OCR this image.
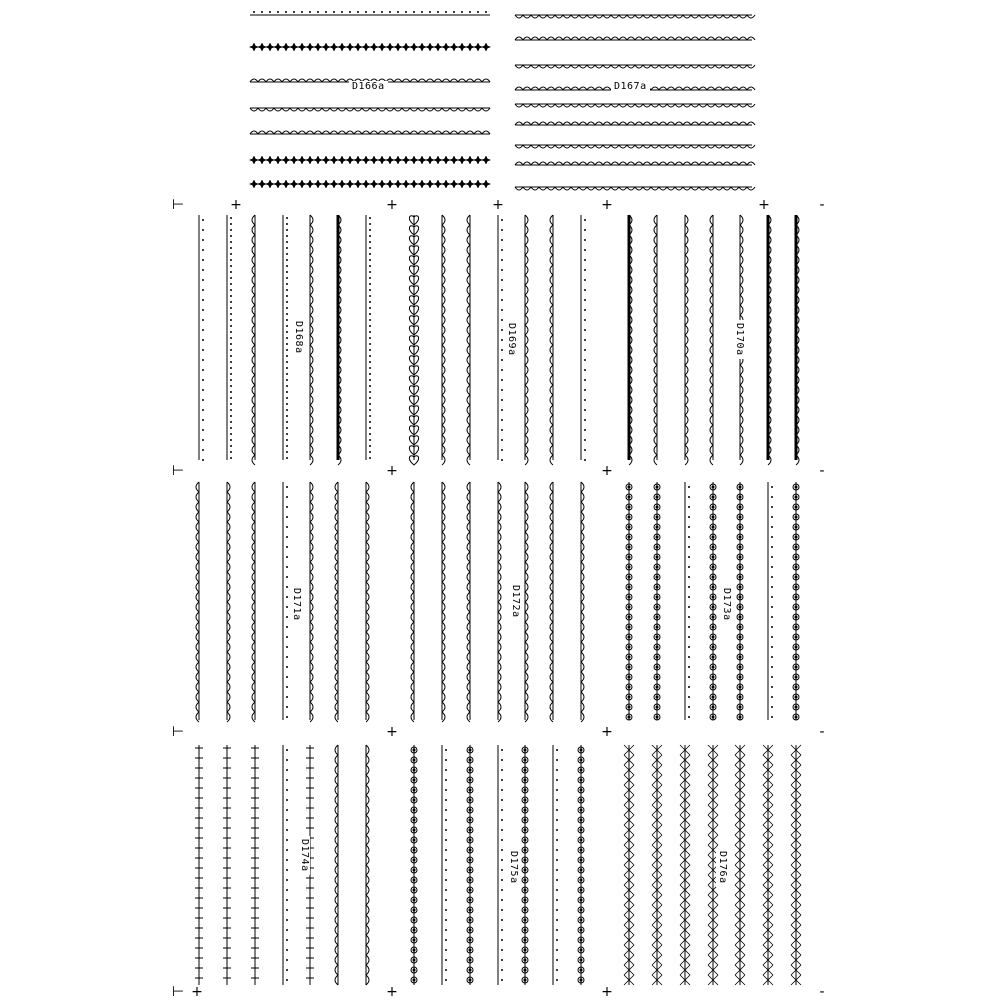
D166a	D167a
D168a	D169a	D170a
D171a	D172a	D173a
D174a	D175a	D176a
⊢	+	+	+	+	+	-
⊢	+	+	-
⊢	+	+	-
⊢ +	+	+	-
